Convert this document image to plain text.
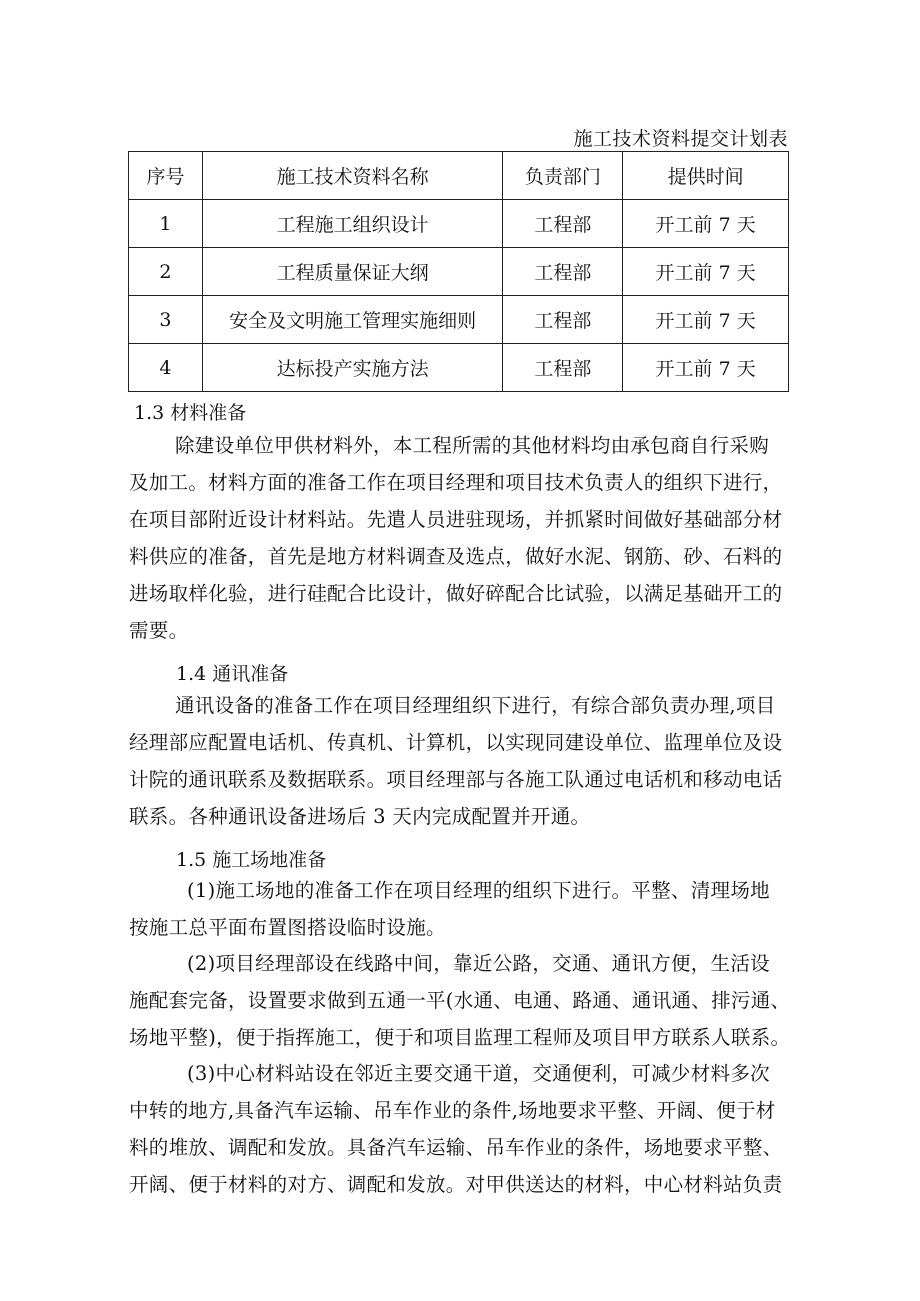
施工技术资料提交计划表
序号	施工技术资料名称	负责部门	提供时间
1	工程施工组织设计	工程部	开工前 7 天
2	工程质量保证大纲	工程部	开工前 7 天
3	安全及文明施工管理实施细则	工程部	开工前 7 天
4	达标投产实施方法	工程部	开工前 7 天

1.3 材料准备

除建设单位甲供材料外，本工程所需的其他材料均由承包商自行采购
及加工。材料方面的准备工作在项目经理和项目技术负责人的组织下进行，
在项目部附近设计材料站。先遣人员进驻现场，并抓紧时间做好基础部分材
料供应的准备，首先是地方材料调查及选点，做好水泥、钢筋、砂、石料的
进场取样化验，进行硅配合比设计，做好碎配合比试验，以满足基础开工的
需要。

1.4 通讯准备

通讯设备的准备工作在项目经理组织下进行，有综合部负责办理,项目
经理部应配置电话机、传真机、计算机，以实现同建设单位、监理单位及设
计院的通讯联系及数据联系。项目经理部与各施工队通过电话机和移动电话
联系。各种通讯设备进场后 3 天内完成配置并开通。

1.5 施工场地准备

(1)施工场地的准备工作在项目经理的组织下进行。平整、清理场地
按施工总平面布置图搭设临时设施。
(2)项目经理部设在线路中间，靠近公路，交通、通讯方便，生活设
施配套完备，设置要求做到五通一平(水通、电通、路通、通讯通、排污通、
场地平整)，便于指挥施工，便于和项目监理工程师及项目甲方联系人联系。
(3)中心材料站设在邻近主要交通干道，交通便利，可减少材料多次
中转的地方,具备汽车运输、吊车作业的条件,场地要求平整、开阔、便于材
料的堆放、调配和发放。具备汽车运输、吊车作业的条件，场地要求平整、
开阔、便于材料的对方、调配和发放。对甲供送达的材料，中心材料站负责
